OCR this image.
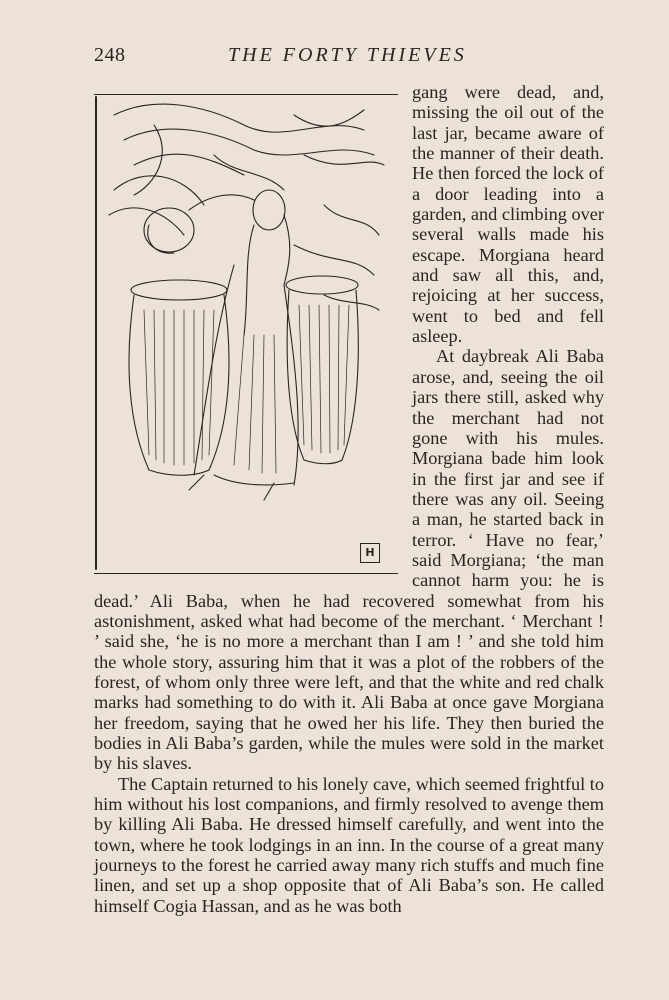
248	THE FORTY THIEVES

H
gang were dead, and, missing the oil out of the last jar, became aware of the manner of their death. He then forced the lock of a door leading into a garden, and climbing over several walls made his escape. Morgiana heard and saw all this, and, rejoicing at her success, went to bed and fell asleep.

At daybreak Ali Baba arose, and, seeing the oil jars there still, asked why the merchant had not gone with his mules. Morgiana bade him look in the first jar and see if there was any oil. Seeing a man, he started back in terror. ‘ Have no fear,’ said Morgiana; ‘the man cannot harm you: he is dead.’ Ali Baba, when he had recovered somewhat from his astonishment, asked what had become of the merchant. ‘ Merchant ! ’ said she, ‘he is no more a merchant than I am ! ’ and she told him the whole story, assuring him that it was a plot of the robbers of the forest, of whom only three were left, and that the white and red chalk marks had something to do with it. Ali Baba at once gave Morgiana her freedom, saying that he owed her his life. They then buried the bodies in Ali Baba’s garden, while the mules were sold in the market by his slaves.

The Captain returned to his lonely cave, which seemed frightful to him without his lost companions, and firmly resolved to avenge them by killing Ali Baba. He dressed himself carefully, and went into the town, where he took lodgings in an inn. In the course of a great many journeys to the forest he carried away many rich stuffs and much fine linen, and set up a shop opposite that of Ali Baba’s son. He called himself Cogia Hassan, and as he was both
